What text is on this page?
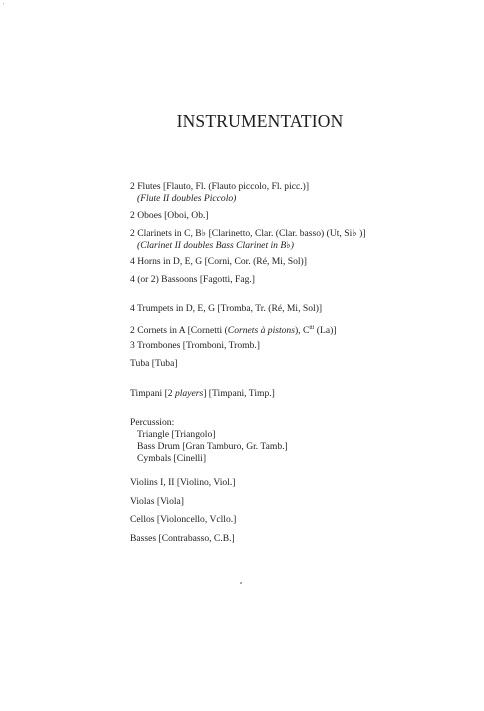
'
INSTRUMENTATION
2 Flutes [Flauto, Fl. (Flauto piccolo, Fl. picc.)]
(Flute II doubles Piccolo)
2 Oboes [Oboi, Ob.]
2 Clarinets in C, B♭ [Clarinetto, Clar. (Clar. basso) (Ut, Si♭ )]
(Clarinet II doubles Bass Clarinet in B♭)
4 Horns in D, E, G [Corni, Cor. (Ré, Mi, Sol)]
4 (or 2) Bassoons [Fagotti, Fag.]
4 Trumpets in D, E, G [Tromba, Tr. (Ré, Mi, Sol)]
2 Cornets in A [Cornetti (Cornets à pistons), $C^{tti}$ (La)]
3 Trombones [Tromboni, Tromb.]
Tuba [Tuba]
Timpani [2 players] [Timpani, Timp.]
Percussion:
Triangle [Triangolo]
Bass Drum [Gran Tamburo, Gr. Tamb.]
Cymbals [Cinelli]
Violins I, II [Violino, Viol.]
Violas [Viola]
Cellos [Violoncello, Vcllo.]
Basses [Contrabasso, C.B.]
